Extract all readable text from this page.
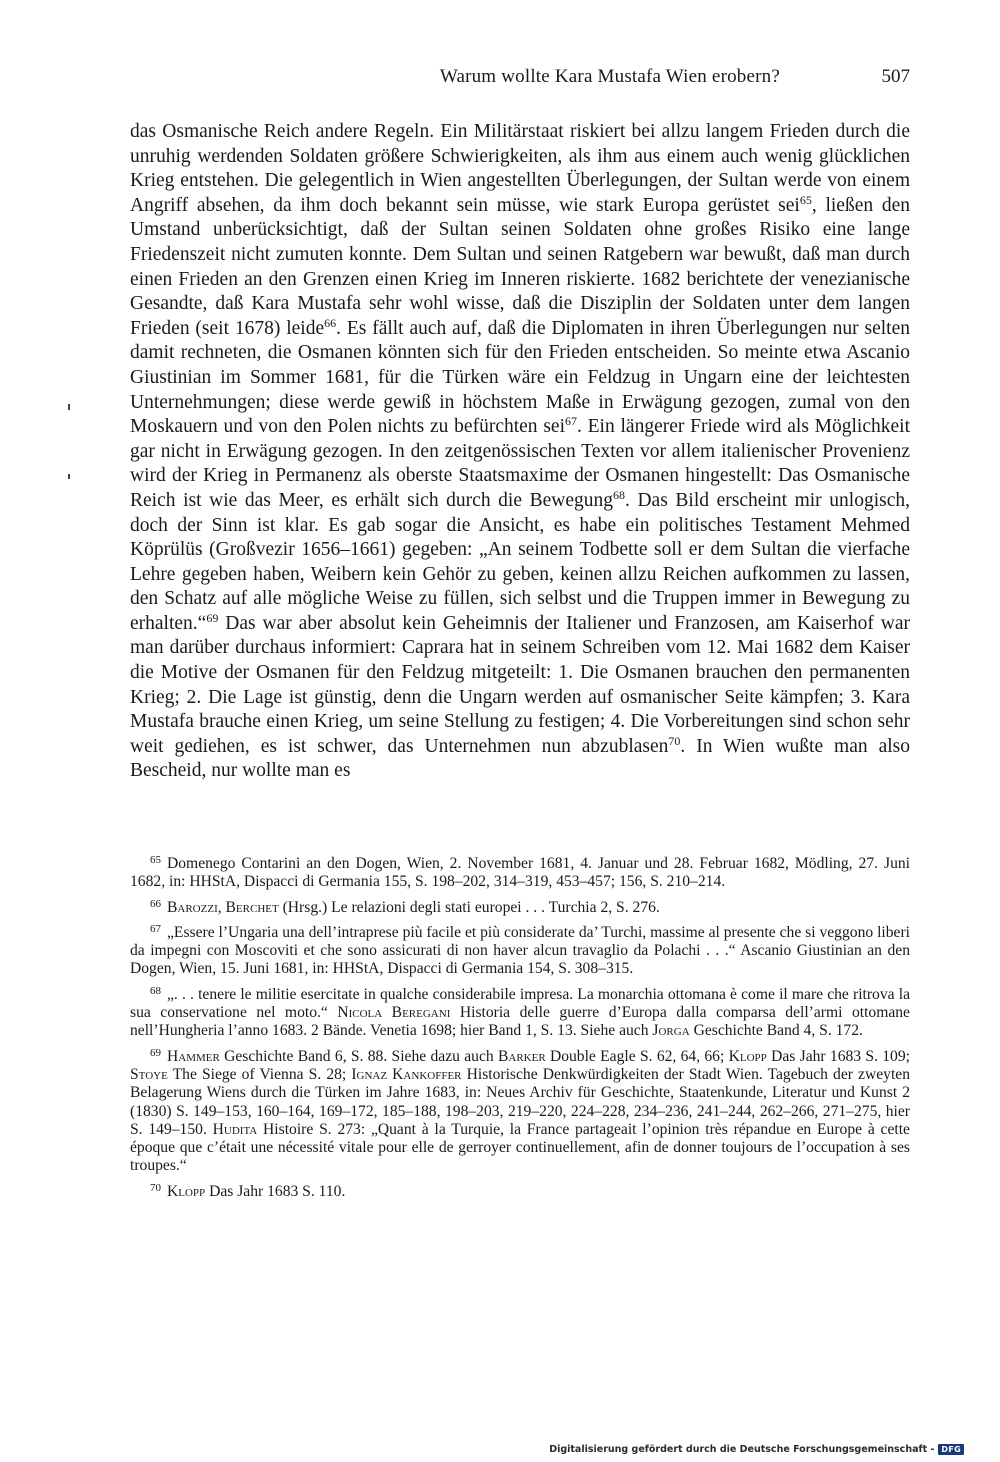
Warum wollte Kara Mustafa Wien erobern?	507

das Osmanische Reich andere Regeln. Ein Militärstaat riskiert bei allzu langem Frieden durch die unruhig werdenden Soldaten größere Schwierigkeiten, als ihm aus einem auch wenig glücklichen Krieg entstehen. Die gelegentlich in Wien angestellten Überlegungen, der Sultan werde von einem Angriff absehen, da ihm doch bekannt sein müsse, wie stark Europa gerüstet sei$^{65}$, ließen den Umstand unberücksichtigt, daß der Sultan seinen Soldaten ohne großes Risiko eine lange Friedenszeit nicht zumuten konnte. Dem Sultan und seinen Ratgebern war bewußt, daß man durch einen Frieden an den Grenzen einen Krieg im Inneren riskierte. 1682 berichtete der venezianische Gesandte, daß Kara Mustafa sehr wohl wisse, daß die Disziplin der Soldaten unter dem langen Frieden (seit 1678) leide$^{66}$. Es fällt auch auf, daß die Diplomaten in ihren Überlegungen nur selten damit rechneten, die Osmanen könnten sich für den Frieden entscheiden. So meinte etwa Ascanio Giustinian im Sommer 1681, für die Türken wäre ein Feldzug in Ungarn eine der leichtesten Unternehmungen; diese werde gewiß in höchstem Maße in Erwägung gezogen, zumal von den Moskauern und von den Polen nichts zu befürchten sei$^{67}$. Ein längerer Friede wird als Möglichkeit gar nicht in Erwägung gezogen. In den zeitgenössischen Texten vor allem italienischer Provenienz wird der Krieg in Permanenz als oberste Staatsmaxime der Osmanen hingestellt: Das Osmanische Reich ist wie das Meer, es erhält sich durch die Bewegung$^{68}$. Das Bild erscheint mir unlogisch, doch der Sinn ist klar. Es gab sogar die Ansicht, es habe ein politisches Testament Mehmed Köprülüs (Großvezir 1656–1661) gegeben: „An seinem Todbette soll er dem Sultan die vierfache Lehre gegeben haben, Weibern kein Gehör zu geben, keinen allzu Reichen aufkommen zu lassen, den Schatz auf alle mögliche Weise zu füllen, sich selbst und die Truppen immer in Bewegung zu erhalten.“$^{69}$ Das war aber absolut kein Geheimnis der Italiener und Franzosen, am Kaiserhof war man darüber durchaus informiert: Caprara hat in seinem Schreiben vom 12. Mai 1682 dem Kaiser die Motive der Osmanen für den Feldzug mitgeteilt: 1. Die Osmanen brauchen den permanenten Krieg; 2. Die Lage ist günstig, denn die Ungarn werden auf osmanischer Seite kämpfen; 3. Kara Mustafa brauche einen Krieg, um seine Stellung zu festigen; 4. Die Vorbereitungen sind schon sehr weit gediehen, es ist schwer, das Unternehmen nun abzublasen$^{70}$. In Wien wußte man also Bescheid, nur wollte man es

65 Domenego Contarini an den Dogen, Wien, 2. November 1681, 4. Januar und 28. Februar 1682, Mödling, 27. Juni 1682, in: HHStA, Dispacci di Germania 155, S. 198–202, 314–319, 453–457; 156, S. 210–214.

66 Barozzi, Berchet (Hrsg.) Le relazioni degli stati europei . . . Turchia 2, S. 276.

67 „Essere l’Ungaria una dell’intraprese più facile et più considerate da’ Turchi, massime al presente che si veggono liberi da impegni con Moscoviti et che sono assicurati di non haver alcun travaglio da Polachi . . .“ Ascanio Giustinian an den Dogen, Wien, 15. Juni 1681, in: HHStA, Dispacci di Germania 154, S. 308–315.

68 „. . . tenere le militie esercitate in qualche considerabile impresa. La monarchia ottomana è come il mare che ritrova la sua conservatione nel moto.“ Nicola Beregani Historia delle guerre d’Europa dalla comparsa dell’armi ottomane nell’Hungheria l’anno 1683. 2 Bände. Venetia 1698; hier Band 1, S. 13. Siehe auch Jorga Geschichte Band 4, S. 172.

69 Hammer Geschichte Band 6, S. 88. Siehe dazu auch Barker Double Eagle S. 62, 64, 66; Klopp Das Jahr 1683 S. 109; Stoye The Siege of Vienna S. 28; Ignaz Kankoffer Historische Denkwürdigkeiten der Stadt Wien. Tagebuch der zweyten Belagerung Wiens durch die Türken im Jahre 1683, in: Neues Archiv für Geschichte, Staatenkunde, Literatur und Kunst 2 (1830) S. 149–153, 160–164, 169–172, 185–188, 198–203, 219–220, 224–228, 234–236, 241–244, 262–266, 271–275, hier S. 149–150. Hudita Histoire S. 273: „Quant à la Turquie, la France partageait l’opinion très répandue en Europe à cette époque que c’était une nécessité vitale pour elle de gerroyer continuellement, afin de donner toujours de l’occupation à ses troupes.“

70 Klopp Das Jahr 1683 S. 110.

Digitalisierung gefördert durch die Deutsche Forschungsgemeinschaft - DFG
